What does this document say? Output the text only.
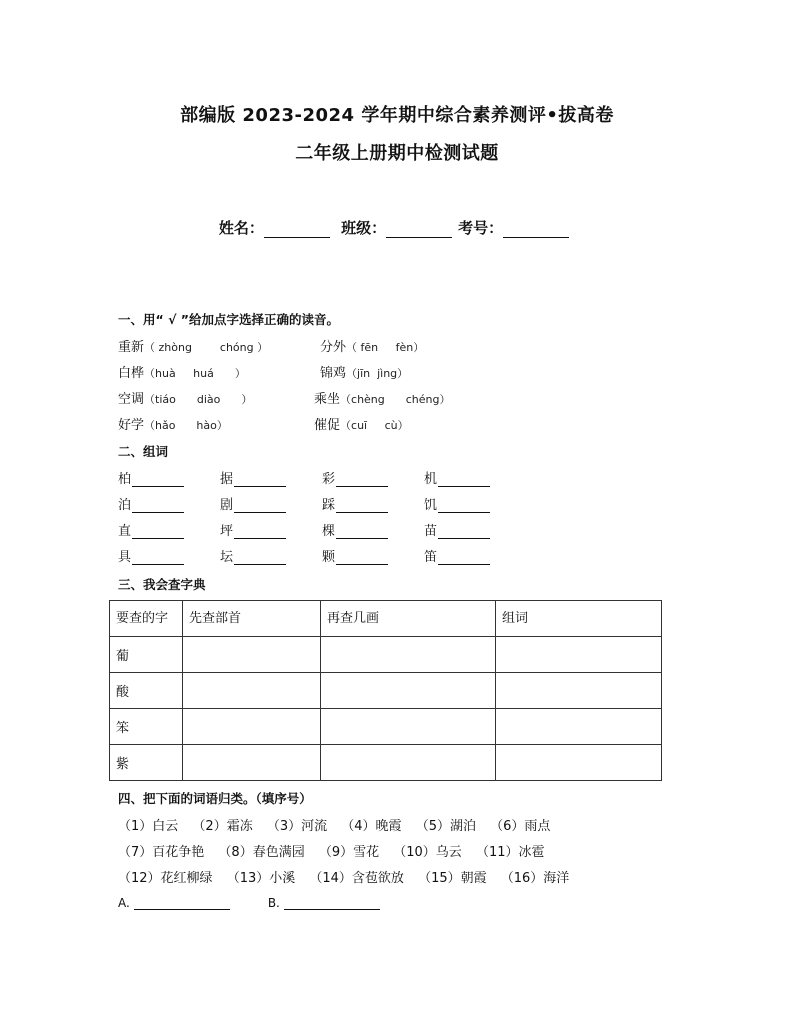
部编版 2023-2024 学年期中综合素养测评•拔高卷
二年级上册期中检测试题
姓名：	班级：	考号：
一、用“ √ ”给加点字选择正确的读音。
重新（ zhòng        chóng ）	分外（ fēn     fèn）
白桦（huà     huá      ）	锦鸡（jīn  jìng）
空调（tiáo      diào      ）	乘坐（chèng      chéng）
好学（hǎo      hào）	催促（cuī     cù）
二、组词
柏	据	彩	机
泊	剧	踩	饥
直	坪	棵	苗
具	坛	颗	笛
三、我会查字典
要查的字	先查部首	再查几画	组词
葡			
酸			
笨			
紫			
四、把下面的词语归类。（填序号）
（1）白云 （2）霜冻 （3）河流 （4）晚霞 （5）湖泊 （6）雨点
（7）百花争艳 （8）春色满园 （9）雪花 （10）乌云 （11）冰雹
（12）花红柳绿 （13）小溪 （14）含苞欲放 （15）朝霞 （16）海洋
A.	B.
